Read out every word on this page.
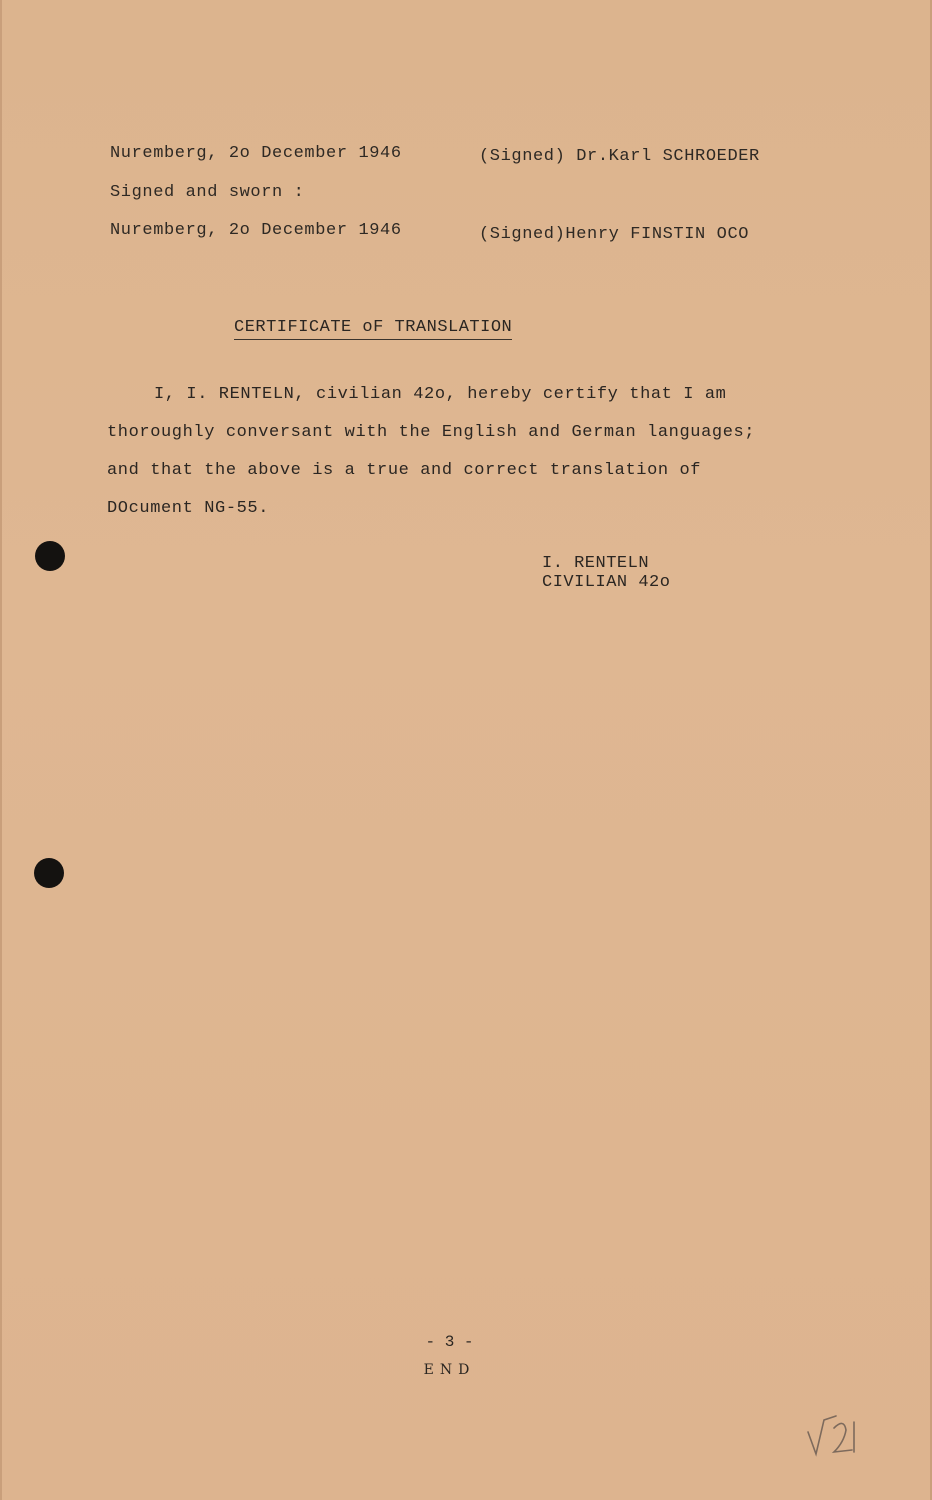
Nuremberg, 2o December 1946	(Signed) Dr.Karl SCHROEDER
Signed and sworn :
Nuremberg, 2o December 1946	(Signed)Henry FINSTIN OCO
CERTIFICATE oF TRANSLATION

I, I. RENTELN, civilian 42o, hereby certify that I am

thoroughly conversant with the English and German languages;

and that the above is a true and correct translation of

DOcument NG-55.

I. RENTELN
CIVILIAN 42o
- 3 -
END
